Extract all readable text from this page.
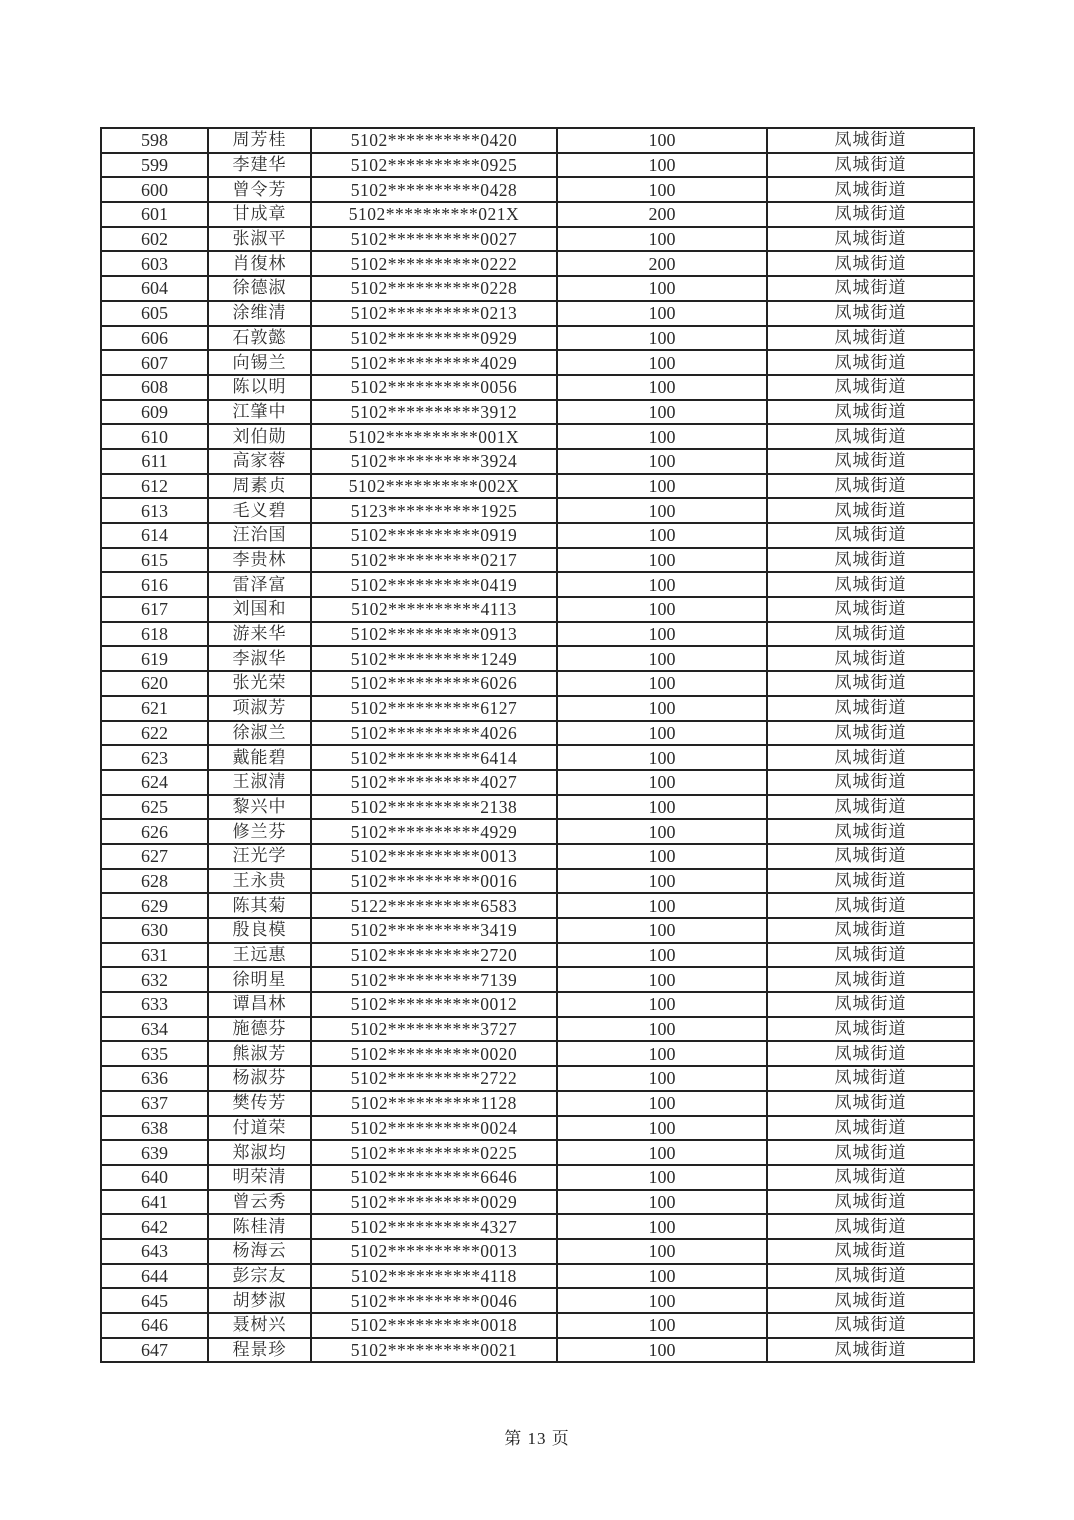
598	周芳桂	5102**********0420	100	凤城街道
599	李建华	5102**********0925	100	凤城街道
600	曾令芳	5102**********0428	100	凤城街道
601	甘成章	5102**********021X	200	凤城街道
602	张淑平	5102**********0027	100	凤城街道
603	肖復林	5102**********0222	200	凤城街道
604	徐德淑	5102**********0228	100	凤城街道
605	涂维清	5102**********0213	100	凤城街道
606	石敦懿	5102**********0929	100	凤城街道
607	向锡兰	5102**********4029	100	凤城街道
608	陈以明	5102**********0056	100	凤城街道
609	江肇中	5102**********3912	100	凤城街道
610	刘伯勋	5102**********001X	100	凤城街道
611	高家蓉	5102**********3924	100	凤城街道
612	周素贞	5102**********002X	100	凤城街道
613	毛义碧	5123**********1925	100	凤城街道
614	汪治国	5102**********0919	100	凤城街道
615	李贵林	5102**********0217	100	凤城街道
616	雷泽富	5102**********0419	100	凤城街道
617	刘国和	5102**********4113	100	凤城街道
618	游来华	5102**********0913	100	凤城街道
619	李淑华	5102**********1249	100	凤城街道
620	张光荣	5102**********6026	100	凤城街道
621	项淑芳	5102**********6127	100	凤城街道
622	徐淑兰	5102**********4026	100	凤城街道
623	戴能碧	5102**********6414	100	凤城街道
624	王淑清	5102**********4027	100	凤城街道
625	黎兴中	5102**********2138	100	凤城街道
626	修兰芬	5102**********4929	100	凤城街道
627	汪光学	5102**********0013	100	凤城街道
628	王永贵	5102**********0016	100	凤城街道
629	陈其菊	5122**********6583	100	凤城街道
630	殷良模	5102**********3419	100	凤城街道
631	王远惠	5102**********2720	100	凤城街道
632	徐明星	5102**********7139	100	凤城街道
633	谭昌林	5102**********0012	100	凤城街道
634	施德芬	5102**********3727	100	凤城街道
635	熊淑芳	5102**********0020	100	凤城街道
636	杨淑芬	5102**********2722	100	凤城街道
637	樊传芳	5102**********1128	100	凤城街道
638	付道荣	5102**********0024	100	凤城街道
639	郑淑均	5102**********0225	100	凤城街道
640	明荣清	5102**********6646	100	凤城街道
641	曾云秀	5102**********0029	100	凤城街道
642	陈桂清	5102**********4327	100	凤城街道
643	杨海云	5102**********0013	100	凤城街道
644	彭宗友	5102**********4118	100	凤城街道
645	胡梦淑	5102**********0046	100	凤城街道
646	聂树兴	5102**********0018	100	凤城街道
647	程景珍	5102**********0021	100	凤城街道
第 13 页
